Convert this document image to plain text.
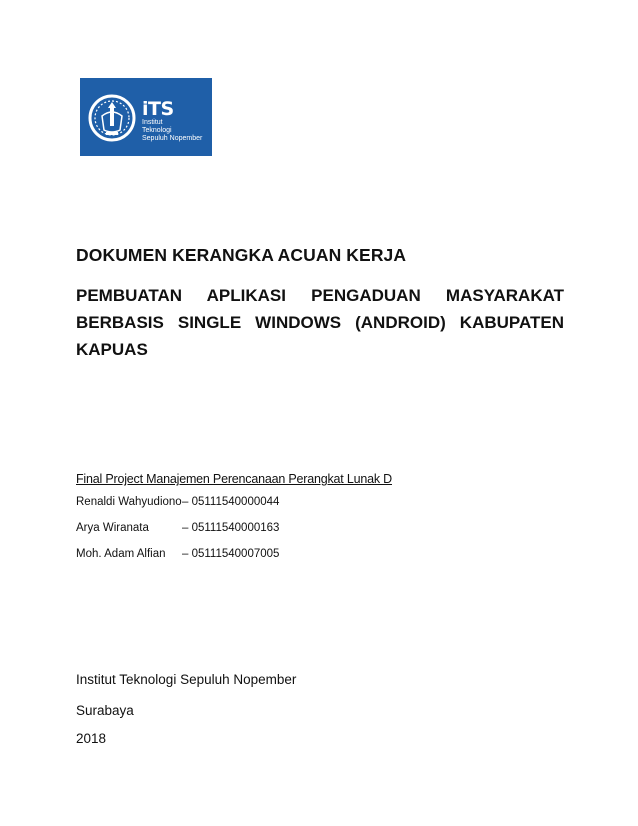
iTS
Institut
Teknologi
Sepuluh Nopember
DOKUMEN KERANGKA ACUAN KERJA
PEMBUATAN APLIKASI PENGADUAN MASYARAKAT
BERBASIS SINGLE WINDOWS (ANDROID) KABUPATEN
KAPUAS
Final Project Manajemen Perencanaan Perangkat Lunak D
Renaldi Wahyudiono – 05111540000044
Arya Wiranata	– 05111540000163
Moh. Adam Alfian – 05111540007005
Institut Teknologi Sepuluh Nopember
Surabaya
2018
